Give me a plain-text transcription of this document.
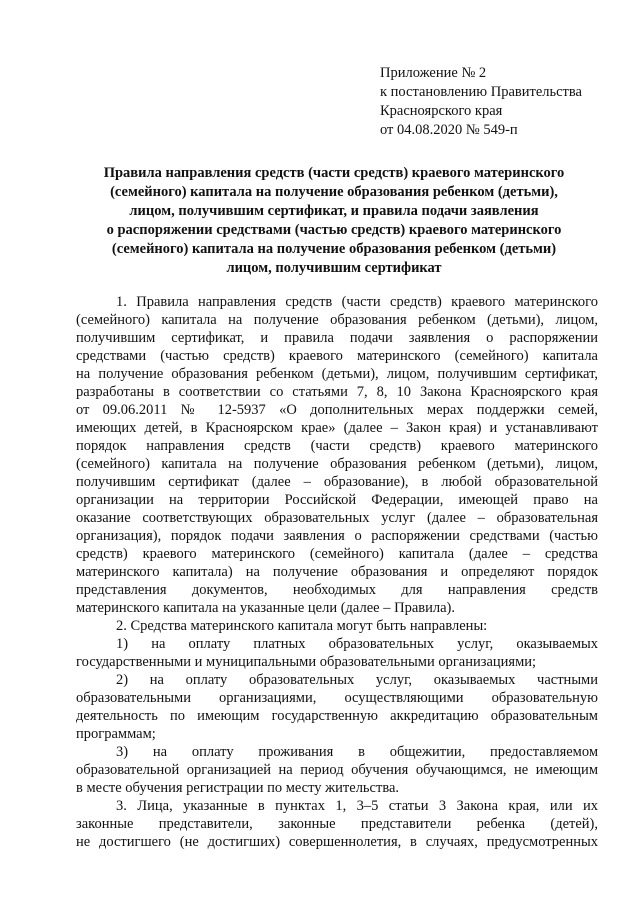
Приложение № 2
к постановлению Правительства
Красноярского края
от 04.08.2020 № 549-п
Правила направления средств (части средств) краевого материнского
(семейного) капитала на получение образования ребенком (детьми),
лицом, получившим сертификат, и правила подачи заявления
о распоряжении средствами (частью средств) краевого материнского
(семейного) капитала на получение образования ребенком (детьми)
лицом, получившим сертификат
1. Правила направления средств (части средств) краевого материнского
(семейного) капитала на получение образования ребенком (детьми), лицом,
получившим сертификат, и правила подачи заявления о распоряжении
средствами (частью средств) краевого материнского (семейного) капитала
на получение образования ребенком (детьми), лицом, получившим сертификат,
разработаны в соответствии со статьями 7, 8, 10 Закона Красноярского края
от 09.06.2011 № 12-5937 «О дополнительных мерах поддержки семей,
имеющих детей, в Красноярском крае» (далее – Закон края) и устанавливают
порядок направления средств (части средств) краевого материнского
(семейного) капитала на получение образования ребенком (детьми), лицом,
получившим сертификат (далее – образование), в любой образовательной
организации на территории Российской Федерации, имеющей право на
оказание соответствующих образовательных услуг (далее – образовательная
организация), порядок подачи заявления о распоряжении средствами (частью
средств) краевого материнского (семейного) капитала (далее – средства
материнского капитала) на получение образования и определяют порядок
представления документов, необходимых для направления средств
материнского капитала на указанные цели (далее – Правила).
2. Средства материнского капитала могут быть направлены:
1) на оплату платных образовательных услуг, оказываемых
государственными и муниципальными образовательными организациями;
2) на оплату образовательных услуг, оказываемых частными
образовательными организациями, осуществляющими образовательную
деятельность по имеющим государственную аккредитацию образовательным
программам;
3) на оплату проживания в общежитии, предоставляемом
образовательной организацией на период обучения обучающимся, не имеющим
в месте обучения регистрации по месту жительства.
3. Лица, указанные в пунктах 1, 3–5 статьи 3 Закона края, или их
законные представители, законные представители ребенка (детей),
не достигшего (не достигших) совершеннолетия, в случаях, предусмотренных
